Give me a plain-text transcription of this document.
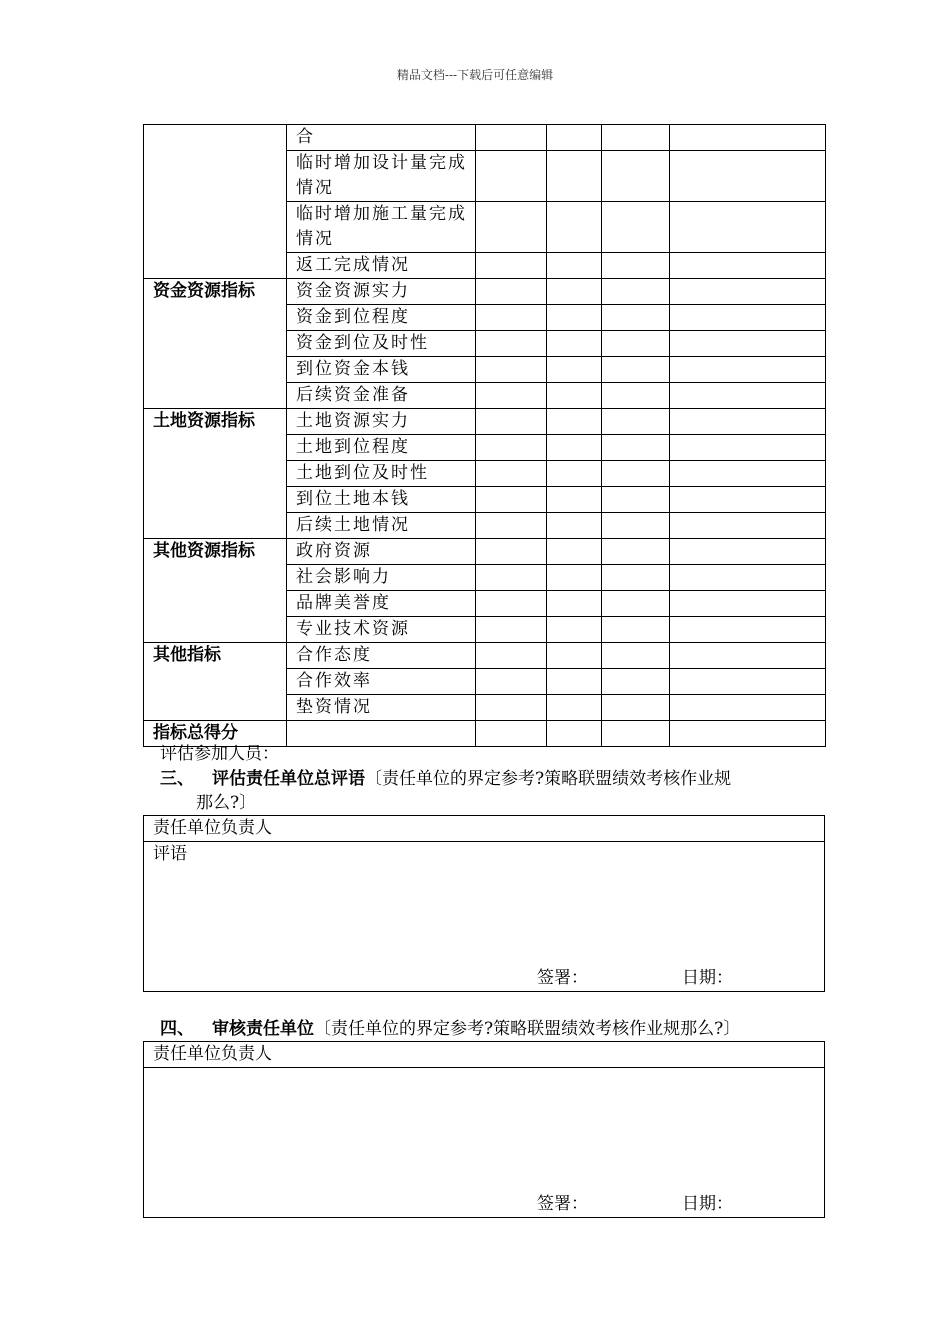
精品文档---下载后可任意编辑
	合				
	临时增加设计量完成情况				
	临时增加施工量完成情况				
	返工完成情况				
资金资源指标	资金资源实力				
	资金到位程度				
	资金到位及时性				
	到位资金本钱				
	后续资金准备				
土地资源指标	土地资源实力				
	土地到位程度				
	土地到位及时性				
	到位土地本钱				
	后续土地情况				
其他资源指标	政府资源				
	社会影响力				
	品牌美誉度				
	专业技术资源				
其他指标	合作态度				
	合作效率				
	垫资情况				
指标总得分					
评估参加人员：
三、 评估责任单位总评语〔责任单位的界定参考?策略联盟绩效考核作业规
那么?〕
责任单位负责人
评语
签署：	日期：
四、 审核责任单位〔责任单位的界定参考?策略联盟绩效考核作业规那么?〕
责任单位负责人
签署：	日期：
